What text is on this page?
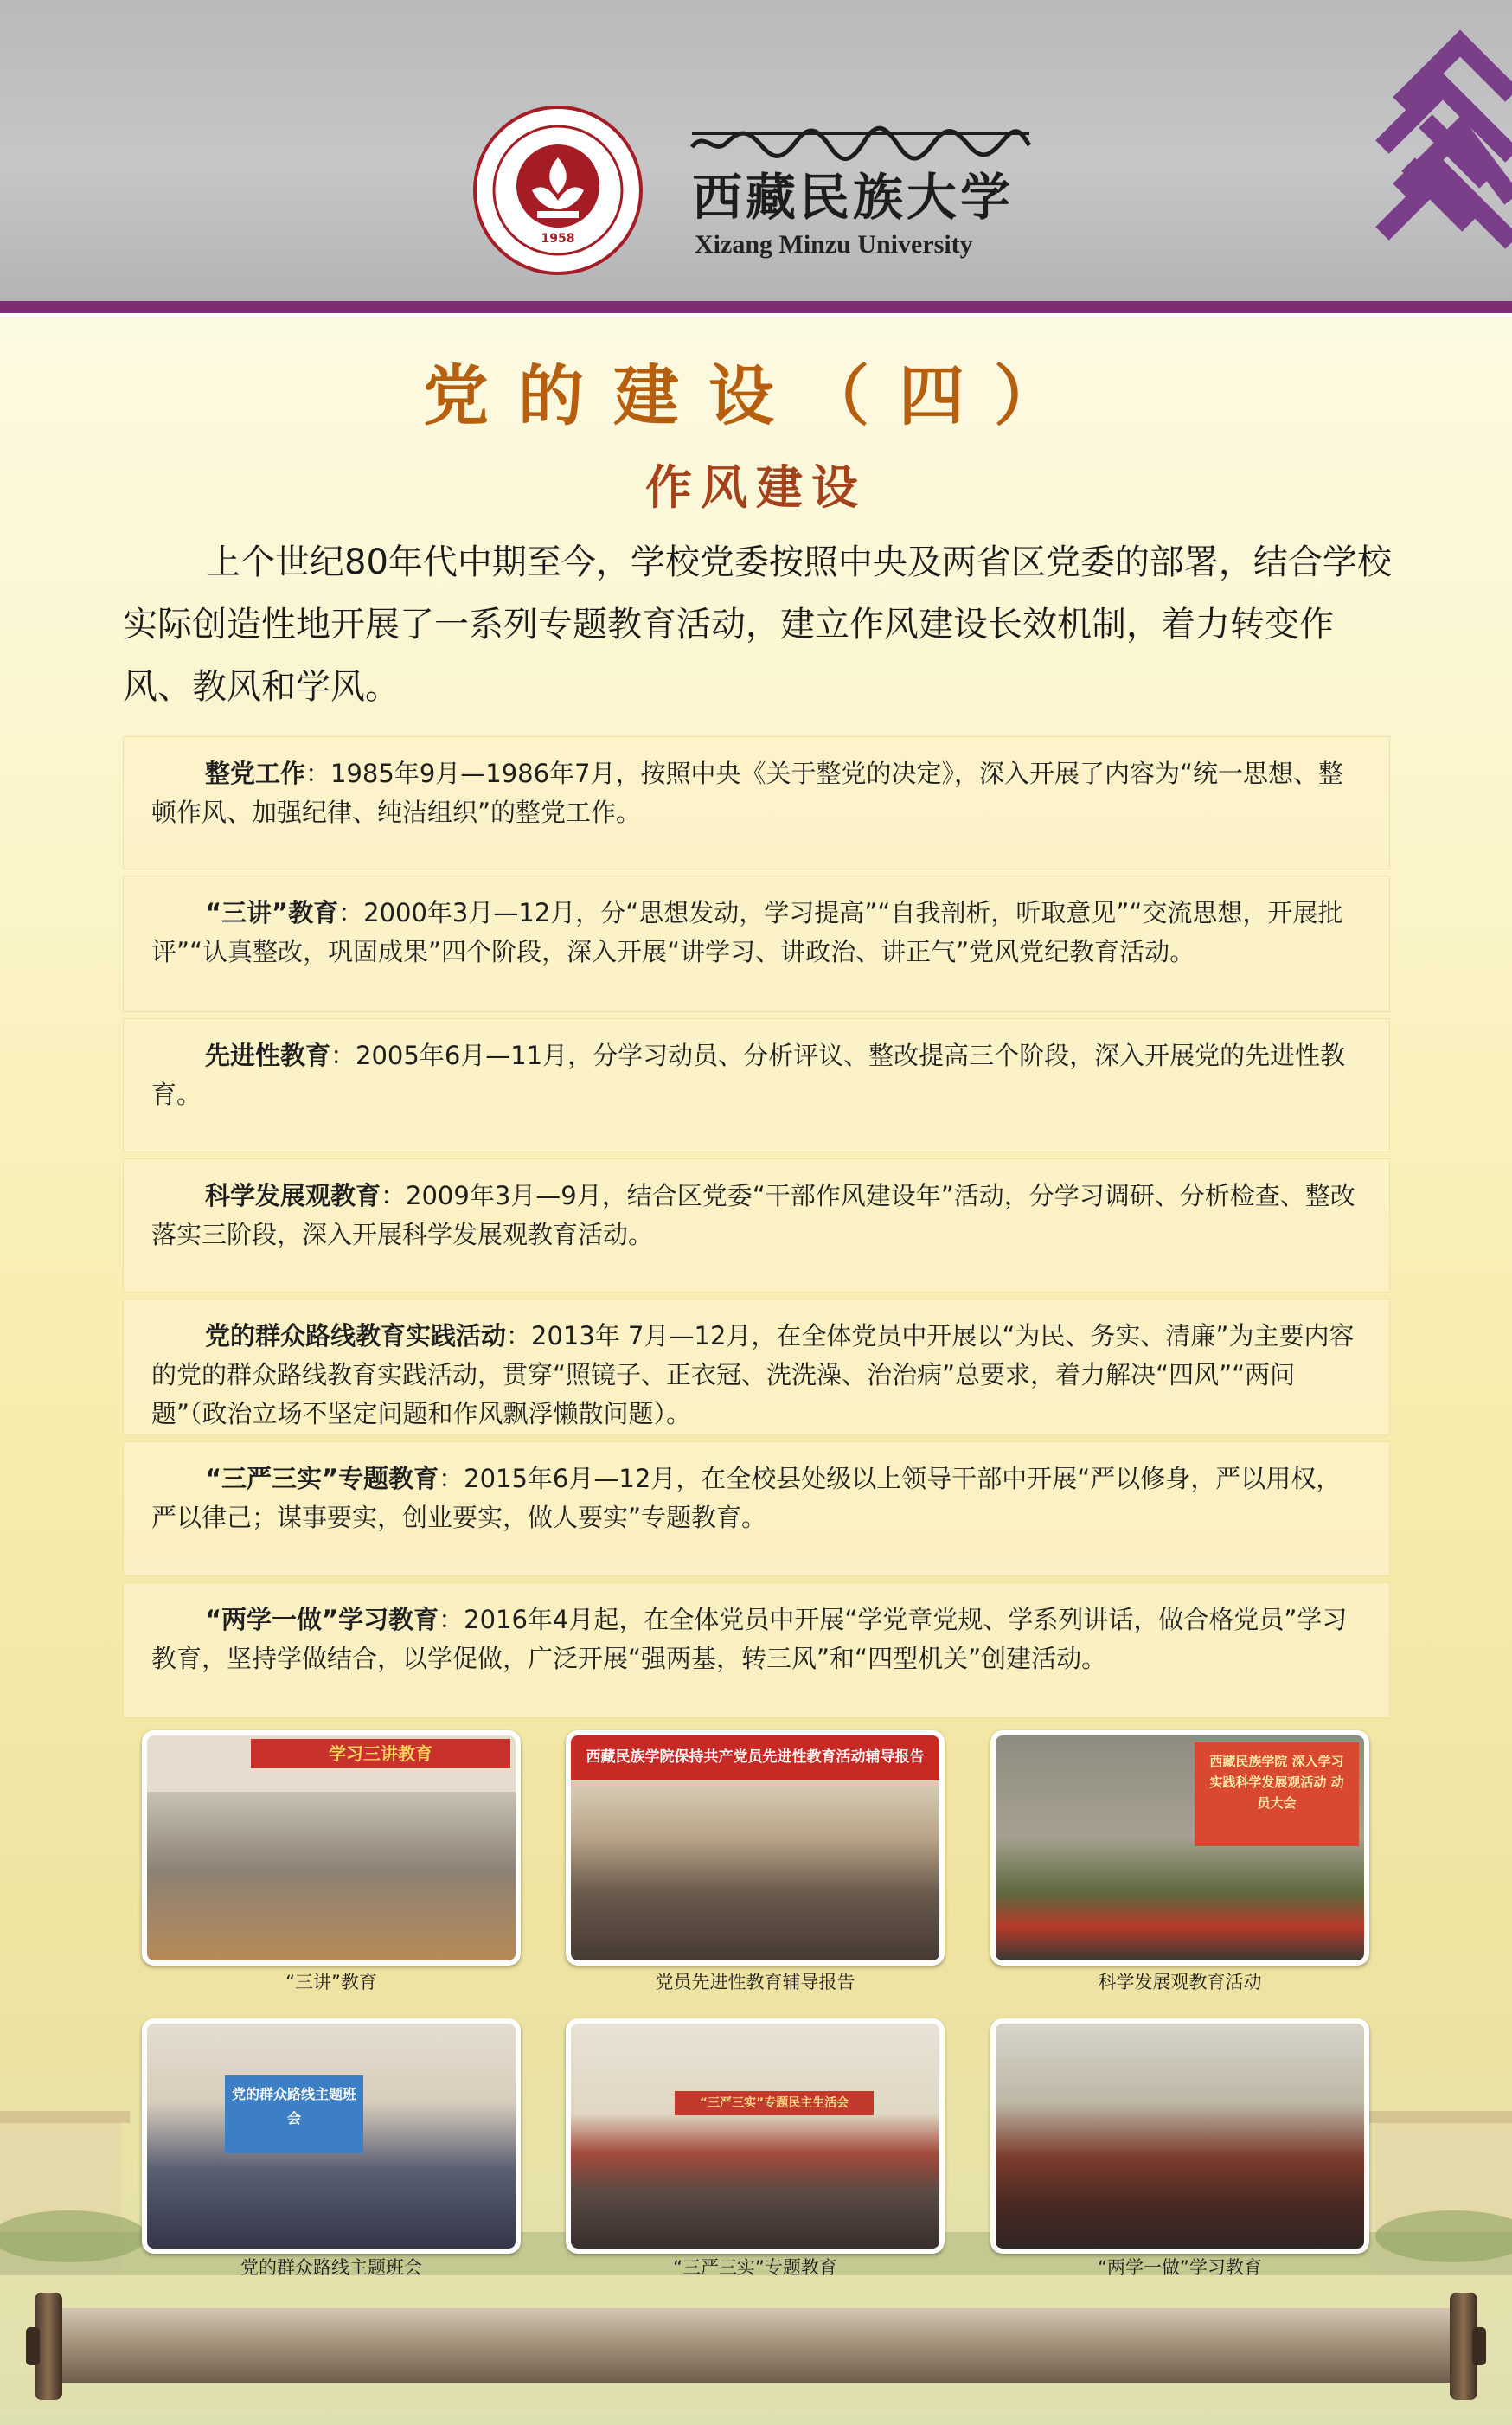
1958
西藏民族大学
Xizang Minzu University
党的建设（四）
作风建设
上个世纪80年代中期至今，学校党委按照中央及两省区党委的部署，结合学校实际创造性地开展了一系列专题教育活动，建立作风建设长效机制，着力转变作风、教风和学风。

整党工作：1985年9月—1986年7月，按照中央《关于整党的决定》，深入开展了内容为“统一思想、整顿作风、加强纪律、纯洁组织”的整党工作。

“三讲”教育：2000年3月—12月，分“思想发动，学习提高”“自我剖析，听取意见”“交流思想，开展批评”“认真整改，巩固成果”四个阶段，深入开展“讲学习、讲政治、讲正气”党风党纪教育活动。

先进性教育：2005年6月—11月，分学习动员、分析评议、整改提高三个阶段，深入开展党的先进性教育。

科学发展观教育：2009年3月—9月，结合区党委“干部作风建设年”活动，分学习调研、分析检查、整改落实三阶段，深入开展科学发展观教育活动。

党的群众路线教育实践活动：2013年 7月—12月，在全体党员中开展以“为民、务实、清廉”为主要内容的党的群众路线教育实践活动，贯穿“照镜子、正衣冠、洗洗澡、治治病”总要求，着力解决“四风”“两问题”（政治立场不坚定问题和作风飘浮懒散问题）。

“三严三实”专题教育：2015年6月—12月，在全校县处级以上领导干部中开展“严以修身，严以用权，严以律己；谋事要实，创业要实，做人要实”专题教育。

“两学一做”学习教育：2016年4月起，在全体党员中开展“学党章党规、学系列讲话，做合格党员”学习教育，坚持学做结合，以学促做，广泛开展“强两基，转三风”和“四型机关”创建活动。

学习三讲教育
“三讲”教育
西藏民族学院保持共产党员先进性教育活动辅导报告
党员先进性教育辅导报告
西藏民族学院 深入学习实践科学发展观活动 动员大会
科学发展观教育活动
党的群众路线主题班会
党的群众路线主题班会
“三严三实”专题民主生活会
“三严三实”专题教育	“两学一做”学习教育
